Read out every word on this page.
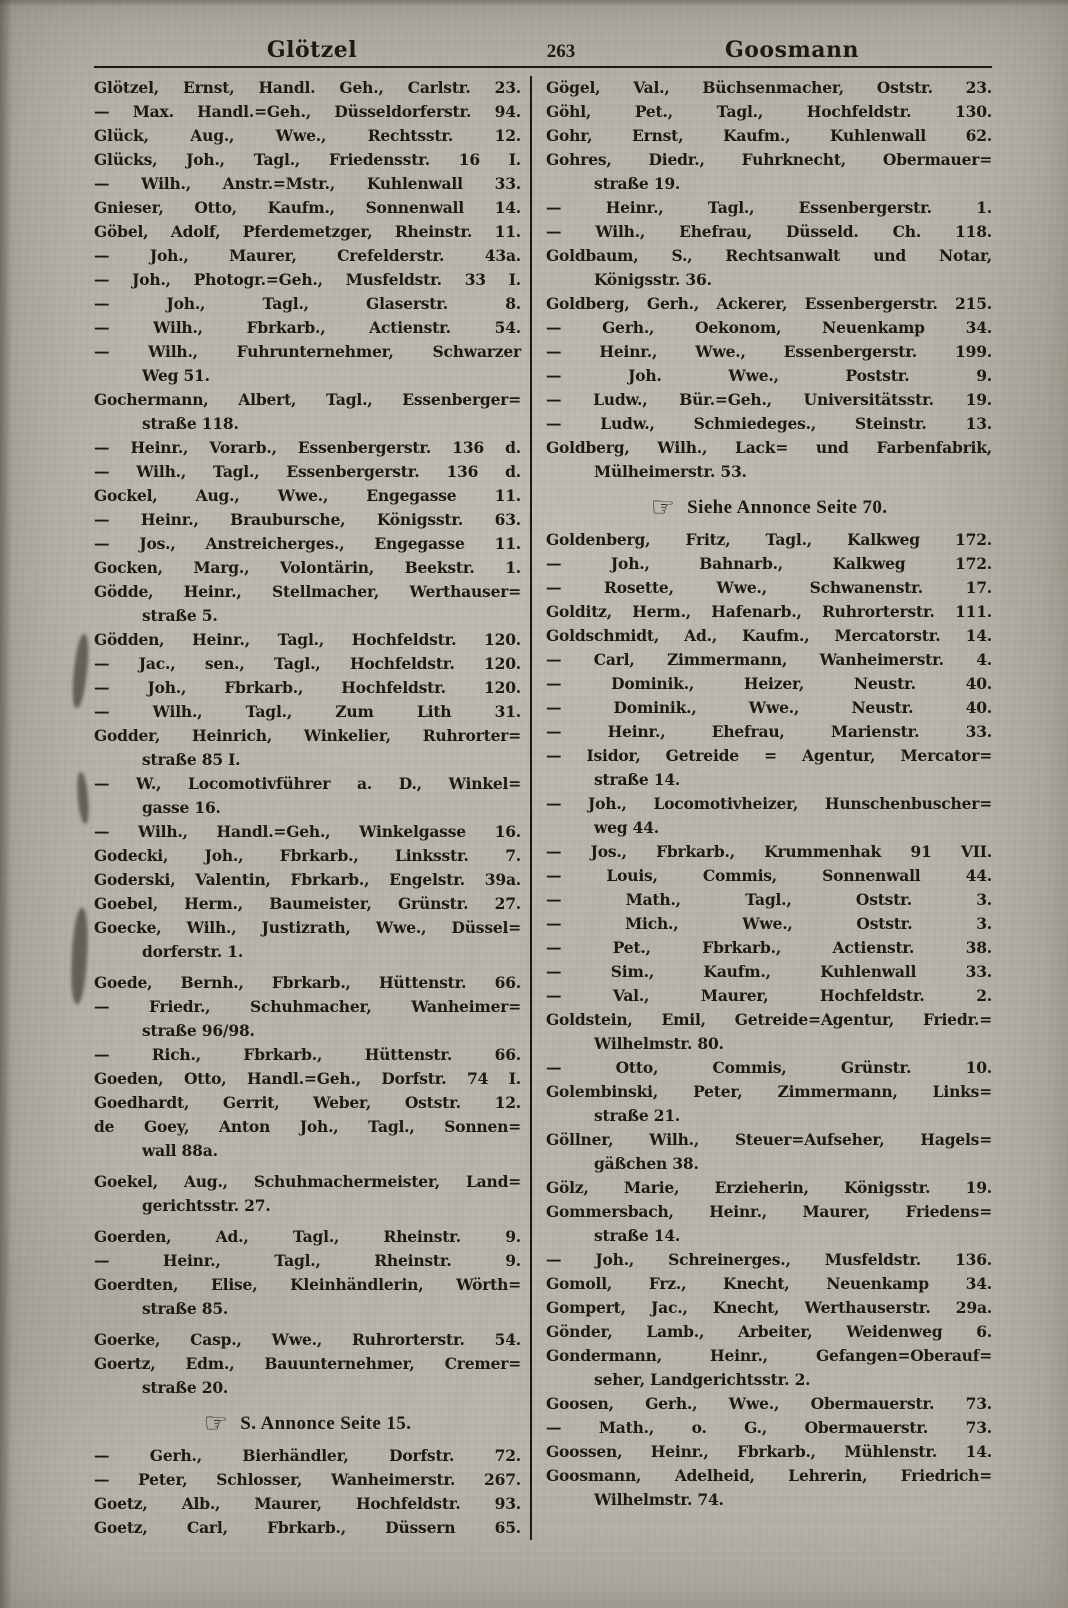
Glötzel	263	Goosmann
Glötzel, Ernst, Handl. Geh., Carlstr. 23.
— Max. Handl.=Geh., Düsseldorferstr. 94.
Glück, Aug., Wwe., Rechtsstr. 12.
Glücks, Joh., Tagl., Friedensstr. 16 I.
— Wilh., Anstr.=Mstr., Kuhlenwall 33.
Gnieser, Otto, Kaufm., Sonnenwall 14.
Göbel, Adolf, Pferdemetzger, Rheinstr. 11.
— Joh., Maurer, Crefelderstr. 43a.
— Joh., Photogr.=Geh., Musfeldstr. 33 I.
— Joh., Tagl., Glaserstr. 8.
— Wilh., Fbrkarb., Actienstr. 54.
— Wilh., Fuhrunternehmer, Schwarzer
Weg 51.
Gochermann, Albert, Tagl., Essenberger=
straße 118.
— Heinr., Vorarb., Essenbergerstr. 136 d.
— Wilh., Tagl., Essenbergerstr. 136 d.
Gockel, Aug., Wwe., Engegasse 11.
— Heinr., Braubursche, Königsstr. 63.
— Jos., Anstreicherges., Engegasse 11.
Gocken, Marg., Volontärin, Beekstr. 1.
Gödde, Heinr., Stellmacher, Werthauser=
straße 5.
Gödden, Heinr., Tagl., Hochfeldstr. 120.
— Jac., sen., Tagl., Hochfeldstr. 120.
— Joh., Fbrkarb., Hochfeldstr. 120.
— Wilh., Tagl., Zum Lith 31.
Godder, Heinrich, Winkelier, Ruhrorter=
straße 85 I.
— W., Locomotivführer a. D., Winkel=
gasse 16.
— Wilh., Handl.=Geh., Winkelgasse 16.
Godecki, Joh., Fbrkarb., Linksstr. 7.
Goderski, Valentin, Fbrkarb., Engelstr. 39a.
Goebel, Herm., Baumeister, Grünstr. 27.
Goecke, Wilh., Justizrath, Wwe., Düssel=
dorferstr. 1.
Goede, Bernh., Fbrkarb., Hüttenstr. 66.
— Friedr., Schuhmacher, Wanheimer=
straße 96/98.
— Rich., Fbrkarb., Hüttenstr. 66.
Goeden, Otto, Handl.=Geh., Dorfstr. 74 I.
Goedhardt, Gerrit, Weber, Oststr. 12.
de Goey, Anton Joh., Tagl., Sonnen=
wall 88a.
Goekel, Aug., Schuhmachermeister, Land=
gerichtsstr. 27.
Goerden, Ad., Tagl., Rheinstr. 9.
— Heinr., Tagl., Rheinstr. 9.
Goerdten, Elise, Kleinhändlerin, Wörth=
straße 85.
Goerke, Casp., Wwe., Ruhrorterstr. 54.
Goertz, Edm., Bauunternehmer, Cremer=
straße 20.
☞ S. Annonce Seite 15.
— Gerh., Bierhändler, Dorfstr. 72.
— Peter, Schlosser, Wanheimerstr. 267.
Goetz, Alb., Maurer, Hochfeldstr. 93.
Goetz, Carl, Fbrkarb., Düssern 65.
Gögel, Val., Büchsenmacher, Oststr. 23.
Göhl, Pet., Tagl., Hochfeldstr. 130.
Gohr, Ernst, Kaufm., Kuhlenwall 62.
Gohres, Diedr., Fuhrknecht, Obermauer=
straße 19.
— Heinr., Tagl., Essenbergerstr. 1.
— Wilh., Ehefrau, Düsseld. Ch. 118.
Goldbaum, S., Rechtsanwalt und Notar,
Königsstr. 36.
Goldberg, Gerh., Ackerer, Essenbergerstr. 215.
— Gerh., Oekonom, Neuenkamp 34.
— Heinr., Wwe., Essenbergerstr. 199.
— Joh. Wwe., Poststr. 9.
— Ludw., Bür.=Geh., Universitätsstr. 19.
— Ludw., Schmiedeges., Steinstr. 13.
Goldberg, Wilh., Lack= und Farbenfabrik,
Mülheimerstr. 53.
☞ Siehe Annonce Seite 70.
Goldenberg, Fritz, Tagl., Kalkweg 172.
— Joh., Bahnarb., Kalkweg 172.
— Rosette, Wwe., Schwanenstr. 17.
Golditz, Herm., Hafenarb., Ruhrorterstr. 111.
Goldschmidt, Ad., Kaufm., Mercatorstr. 14.
— Carl, Zimmermann, Wanheimerstr. 4.
— Dominik., Heizer, Neustr. 40.
— Dominik., Wwe., Neustr. 40.
— Heinr., Ehefrau, Marienstr. 33.
— Isidor, Getreide = Agentur, Mercator=
straße 14.
— Joh., Locomotivheizer, Hunschenbuscher=
weg 44.
— Jos., Fbrkarb., Krummenhak 91 VII.
— Louis, Commis, Sonnenwall 44.
— Math., Tagl., Oststr. 3.
— Mich., Wwe., Oststr. 3.
— Pet., Fbrkarb., Actienstr. 38.
— Sim., Kaufm., Kuhlenwall 33.
— Val., Maurer, Hochfeldstr. 2.
Goldstein, Emil, Getreide=Agentur, Friedr.=
Wilhelmstr. 80.
— Otto, Commis, Grünstr. 10.
Golembinski, Peter, Zimmermann, Links=
straße 21.
Göllner, Wilh., Steuer=Aufseher, Hagels=
gäßchen 38.
Gölz, Marie, Erzieherin, Königsstr. 19.
Gommersbach, Heinr., Maurer, Friedens=
straße 14.
— Joh., Schreinerges., Musfeldstr. 136.
Gomoll, Frz., Knecht, Neuenkamp 34.
Gompert, Jac., Knecht, Werthauserstr. 29a.
Gönder, Lamb., Arbeiter, Weidenweg 6.
Gondermann, Heinr., Gefangen=Oberauf=
seher, Landgerichtsstr. 2.
Goosen, Gerh., Wwe., Obermauerstr. 73.
— Math., o. G., Obermauerstr. 73.
Goossen, Heinr., Fbrkarb., Mühlenstr. 14.
Goosmann, Adelheid, Lehrerin, Friedrich=
Wilhelmstr. 74.
